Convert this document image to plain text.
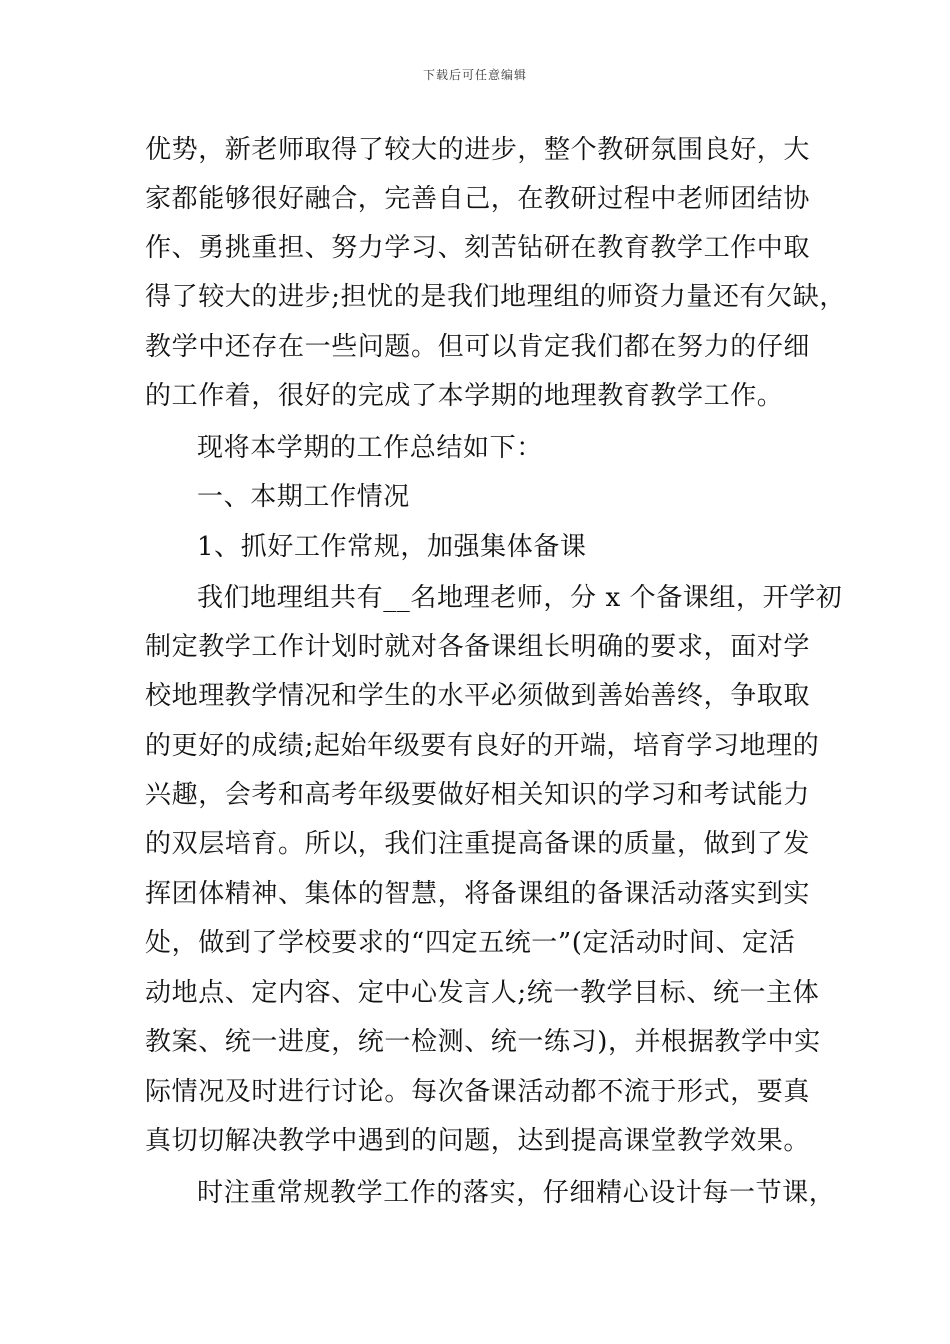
下载后可任意编辑
优势，新老师取得了较大的进步，整个教研氛围良好，大
家都能够很好融合，完善自己，在教研过程中老师团结协
作、勇挑重担、努力学习、刻苦钻研在教育教学工作中取
得了较大的进步;担忧的是我们地理组的师资力量还有欠缺，
教学中还存在一些问题。但可以肯定我们都在努力的仔细
的工作着，很好的完成了本学期的地理教育教学工作。
现将本学期的工作总结如下：
一、本期工作情况
1、抓好工作常规，加强集体备课
我们地理组共有__名地理老师，分 x 个备课组，开学初
制定教学工作计划时就对各备课组长明确的要求，面对学
校地理教学情况和学生的水平必须做到善始善终，争取取
的更好的成绩;起始年级要有良好的开端，培育学习地理的
兴趣，会考和高考年级要做好相关知识的学习和考试能力
的双层培育。所以，我们注重提高备课的质量，做到了发
挥团体精神、集体的智慧，将备课组的备课活动落实到实
处，做到了学校要求的“四定五统一”(定活动时间、定活
动地点、定内容、定中心发言人;统一教学目标、统一主体
教案、统一进度，统一检测、统一练习)，并根据教学中实
际情况及时进行讨论。每次备课活动都不流于形式，要真
真切切解决教学中遇到的问题，达到提高课堂教学效果。
时注重常规教学工作的落实，仔细精心设计每一节课，
